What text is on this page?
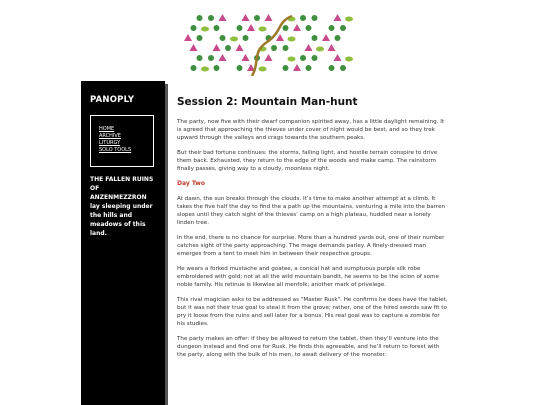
PANOPLY
HOME
ARCHIVE
LITURGY
SOLO TOOLS
THE FALLEN RUINS OF ANZENMEZZRON lay sleeping under the hills and meadows of this land.
Session 2: Mountain Man-hunt

The party, now five with their dwarf companion spirited away, has a little daylight remaining. It is agreed that approaching the thieves under cover of night would be best, and so they trek upward through the valleys and crags towards the southern peaks.

But their bad fortune continues: the storms, failing light, and hostile terrain conspire to drive them back. Exhausted, they return to the edge of the woods and make camp. The rainstorm finally passes, giving way to a cloudy, moonless night.

Day Two

At dawn, the sun breaks through the clouds. It’s time to make another attempt at a climb. It takes the five half the day to find the a path up the mountains, venturing a mile into the barren slopes until they catch sight of the thieves’ camp on a high plateau, huddled near a lonely linden tree.

In the end, there is no chance for surprise. More than a hundred yards out, one of their number catches sight of the party approaching. The mage demands parley. A finely-dressed man emerges from a tent to meet him in between their respective groups.

He wears a forked mustache and goatee, a conical hat and sumptuous purple silk robe embroidered with gold; not at all the wild mountain bandit, he seems to be the scion of some noble family. His retinue is likewise all menfolk; another mark of privelege.

This rival magician asks to be addressed as "Master Rusk". He confirms he does have the tablet, but it was not their true goal to steal it from the grove; rather, one of the hired swords saw fit to pry it loose from the ruins and sell later for a bonus. His real goal was to capture a zombie for his studies.

The party makes an offer: if they be allowed to return the tablet, then they’ll venture into the dungeon instead and find one for Rusk. He finds this agreeable, and he’ll return to forest with the party, along with the bulk of his men, to await delivery of the monster.
